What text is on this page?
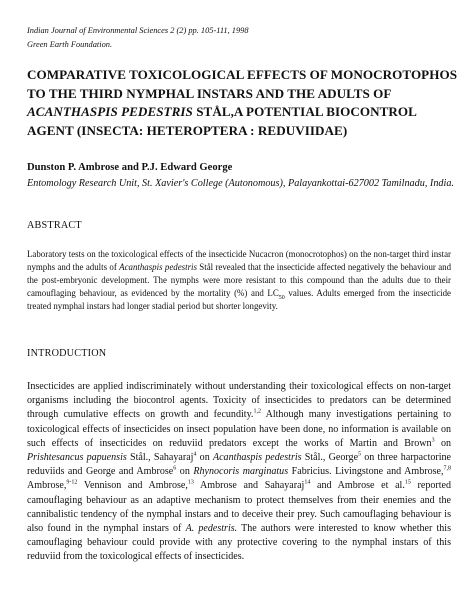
Indian Journal of Environmental Sciences 2 (2) pp. 105-111, 1998
Green Earth Foundation.
COMPARATIVE TOXICOLOGICAL EFFECTS OF MONOCROTOPHOS TO THE THIRD NYMPHAL INSTARS AND THE ADULTS OF ACANTHASPIS PEDESTRIS STÅL,A POTENTIAL BIOCONTROL AGENT (INSECTA: HETEROPTERA : REDUVIIDAE)
Dunston P. Ambrose and P.J. Edward George
Entomology Research Unit, St. Xavier's College (Autonomous), Palayankottai-627002 Tamilnadu, India.
ABSTRACT
Laboratory tests on the toxicological effects of the insecticide Nucacron (monocrotophos) on the non-target third instar nymphs and the adults of Acanthaspis pedestris Stål revealed that the insecticide affected negatively the behaviour and the post-embryonic development. The nymphs were more resistant to this compound than the adults due to their camouflaging behaviour, as evidenced by the mortality (%) and $LC_{50}$ values. Adults emerged from the insecticide treated nymphal instars had longer stadial period but shorter longevity.
INTRODUCTION
Insecticides are applied indiscriminately without understanding their toxicological effects on non-target organisms including the biocontrol agents. Toxicity of insecticides to predators can be determined through cumulative effects on growth and fecundity.$^{1,2}$ Although many investigations pertaining to toxicological effects of insecticides on insect population have been done, no information is available on such effects of insecticides on reduviid predators except the works of Martin and Brown$^3$ on Prishtesancus papuensis Stål., Sahayaraj$^4$ on Acanthaspis pedestris Stål., George$^5$ on three harpactorine reduviids and George and Ambrose$^6$ on Rhynocoris marginatus Fabricius. Livingstone and Ambrose,$^{7,8}$ Ambrose,$^{9-12}$ Vennison and Ambrose,$^{13}$ Ambrose and Sahayaraj$^{14}$ and Ambrose et al.$^{15}$ reported camouflaging behaviour as an adaptive mechanism to protect themselves from their enemies and the cannibalistic tendency of the nymphal instars and to deceive their prey. Such camouflaging behaviour is also found in the nymphal instars of A. pedestris. The authors were interested to know whether this camouflaging behaviour could provide with any protective covering to the nymphal instars of this reduviid from the toxicological effects of insecticides.
